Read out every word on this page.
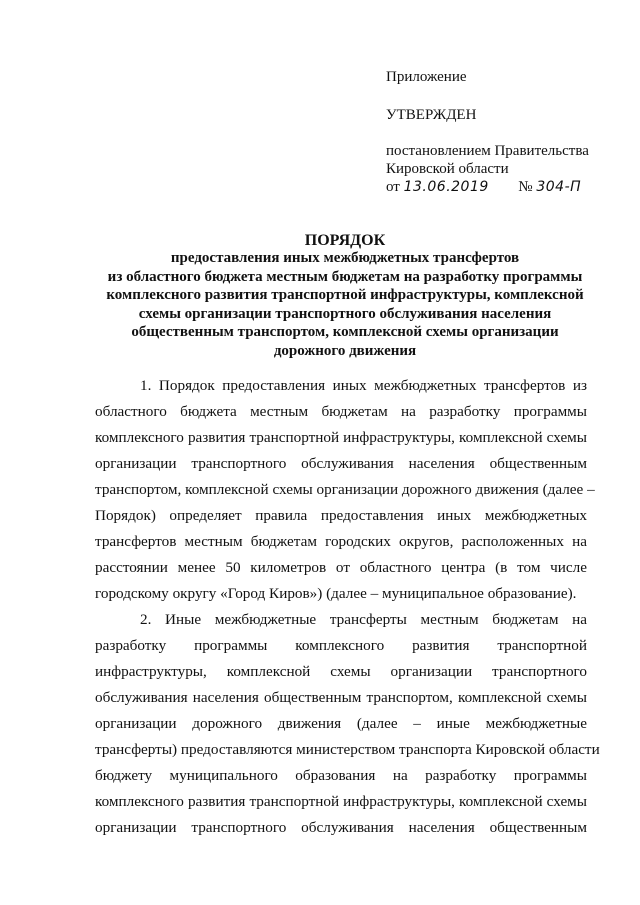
Приложение
УТВЕРЖДЕН
постановлением Правительства
Кировской области
от 13.06.2019 № 304-П
ПОРЯДОК
предоставления иных межбюджетных трансфертов
из областного бюджета местным бюджетам на разработку программы
комплексного развития транспортной инфраструктуры, комплексной
схемы организации транспортного обслуживания населения
общественным транспортом, комплексной схемы организации
дорожного движения
1. Порядок предоставления иных межбюджетных трансфертов из
областного бюджета местным бюджетам на разработку программы
комплексного развития транспортной инфраструктуры, комплексной схемы
организации транспортного обслуживания населения общественным
транспортом, комплексной схемы организации дорожного движения (далее –
Порядок) определяет правила предоставления иных межбюджетных
трансфертов местным бюджетам городских округов, расположенных на
расстоянии менее 50 километров от областного центра (в том числе
городскому округу «Город Киров») (далее – муниципальное образование).
2. Иные межбюджетные трансферты местным бюджетам на
разработку программы комплексного развития транспортной
инфраструктуры, комплексной схемы организации транспортного
обслуживания населения общественным транспортом, комплексной схемы
организации дорожного движения (далее – иные межбюджетные
трансферты) предоставляются министерством транспорта Кировской области
бюджету муниципального образования на разработку программы
комплексного развития транспортной инфраструктуры, комплексной схемы
организации транспортного обслуживания населения общественным
